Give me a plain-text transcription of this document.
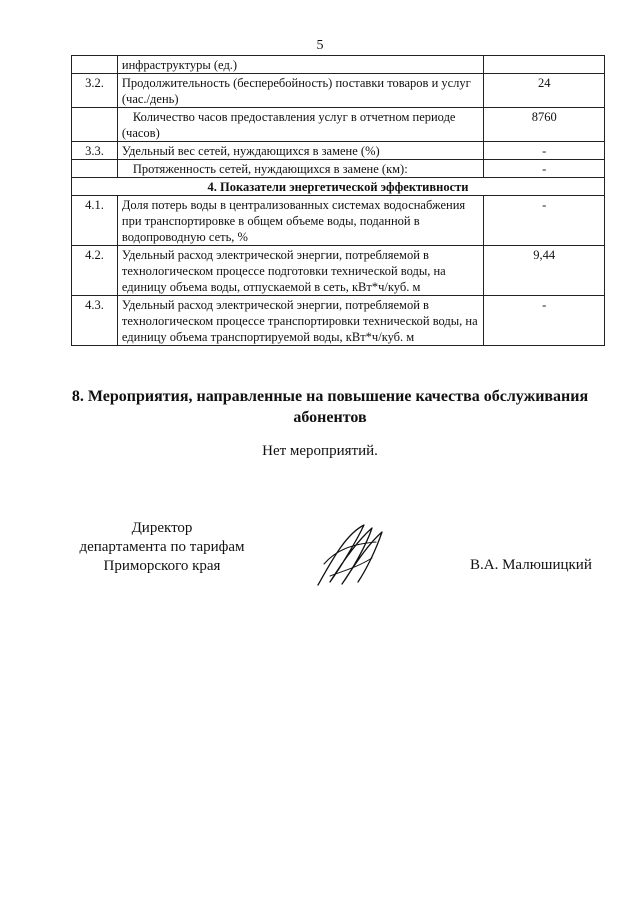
5
	инфраструктуры (ед.)	
3.2.	Продолжительность (бесперебойность) поставки товаров и услуг (час./день)	24
	Количество часов предоставления услуг в отчетном периоде (часов)	8760
3.3.	Удельный вес сетей, нуждающихся в замене (%)	-
	Протяженность сетей, нуждающихся в замене (км):	-
4. Показатели энергетической эффективности		
4.1.	Доля потерь воды в централизованных системах водоснабжения при транспортировке в общем объеме воды, поданной в водопроводную сеть, %	-
4.2.	Удельный расход электрической энергии, потребляемой в технологическом процессе подготовки технической воды, на единицу объема воды, отпускаемой в сеть, кВт*ч/куб. м	9,44
4.3.	Удельный расход электрической энергии, потребляемой в технологическом процессе транспортировки технической воды, на единицу объема транспортируемой воды, кВт*ч/куб. м	-
8. Мероприятия, направленные на повышение качества обслуживания
абонентов
Нет мероприятий.
Директор
департамента по тарифам
Приморского края	В.А. Малюшицкий
